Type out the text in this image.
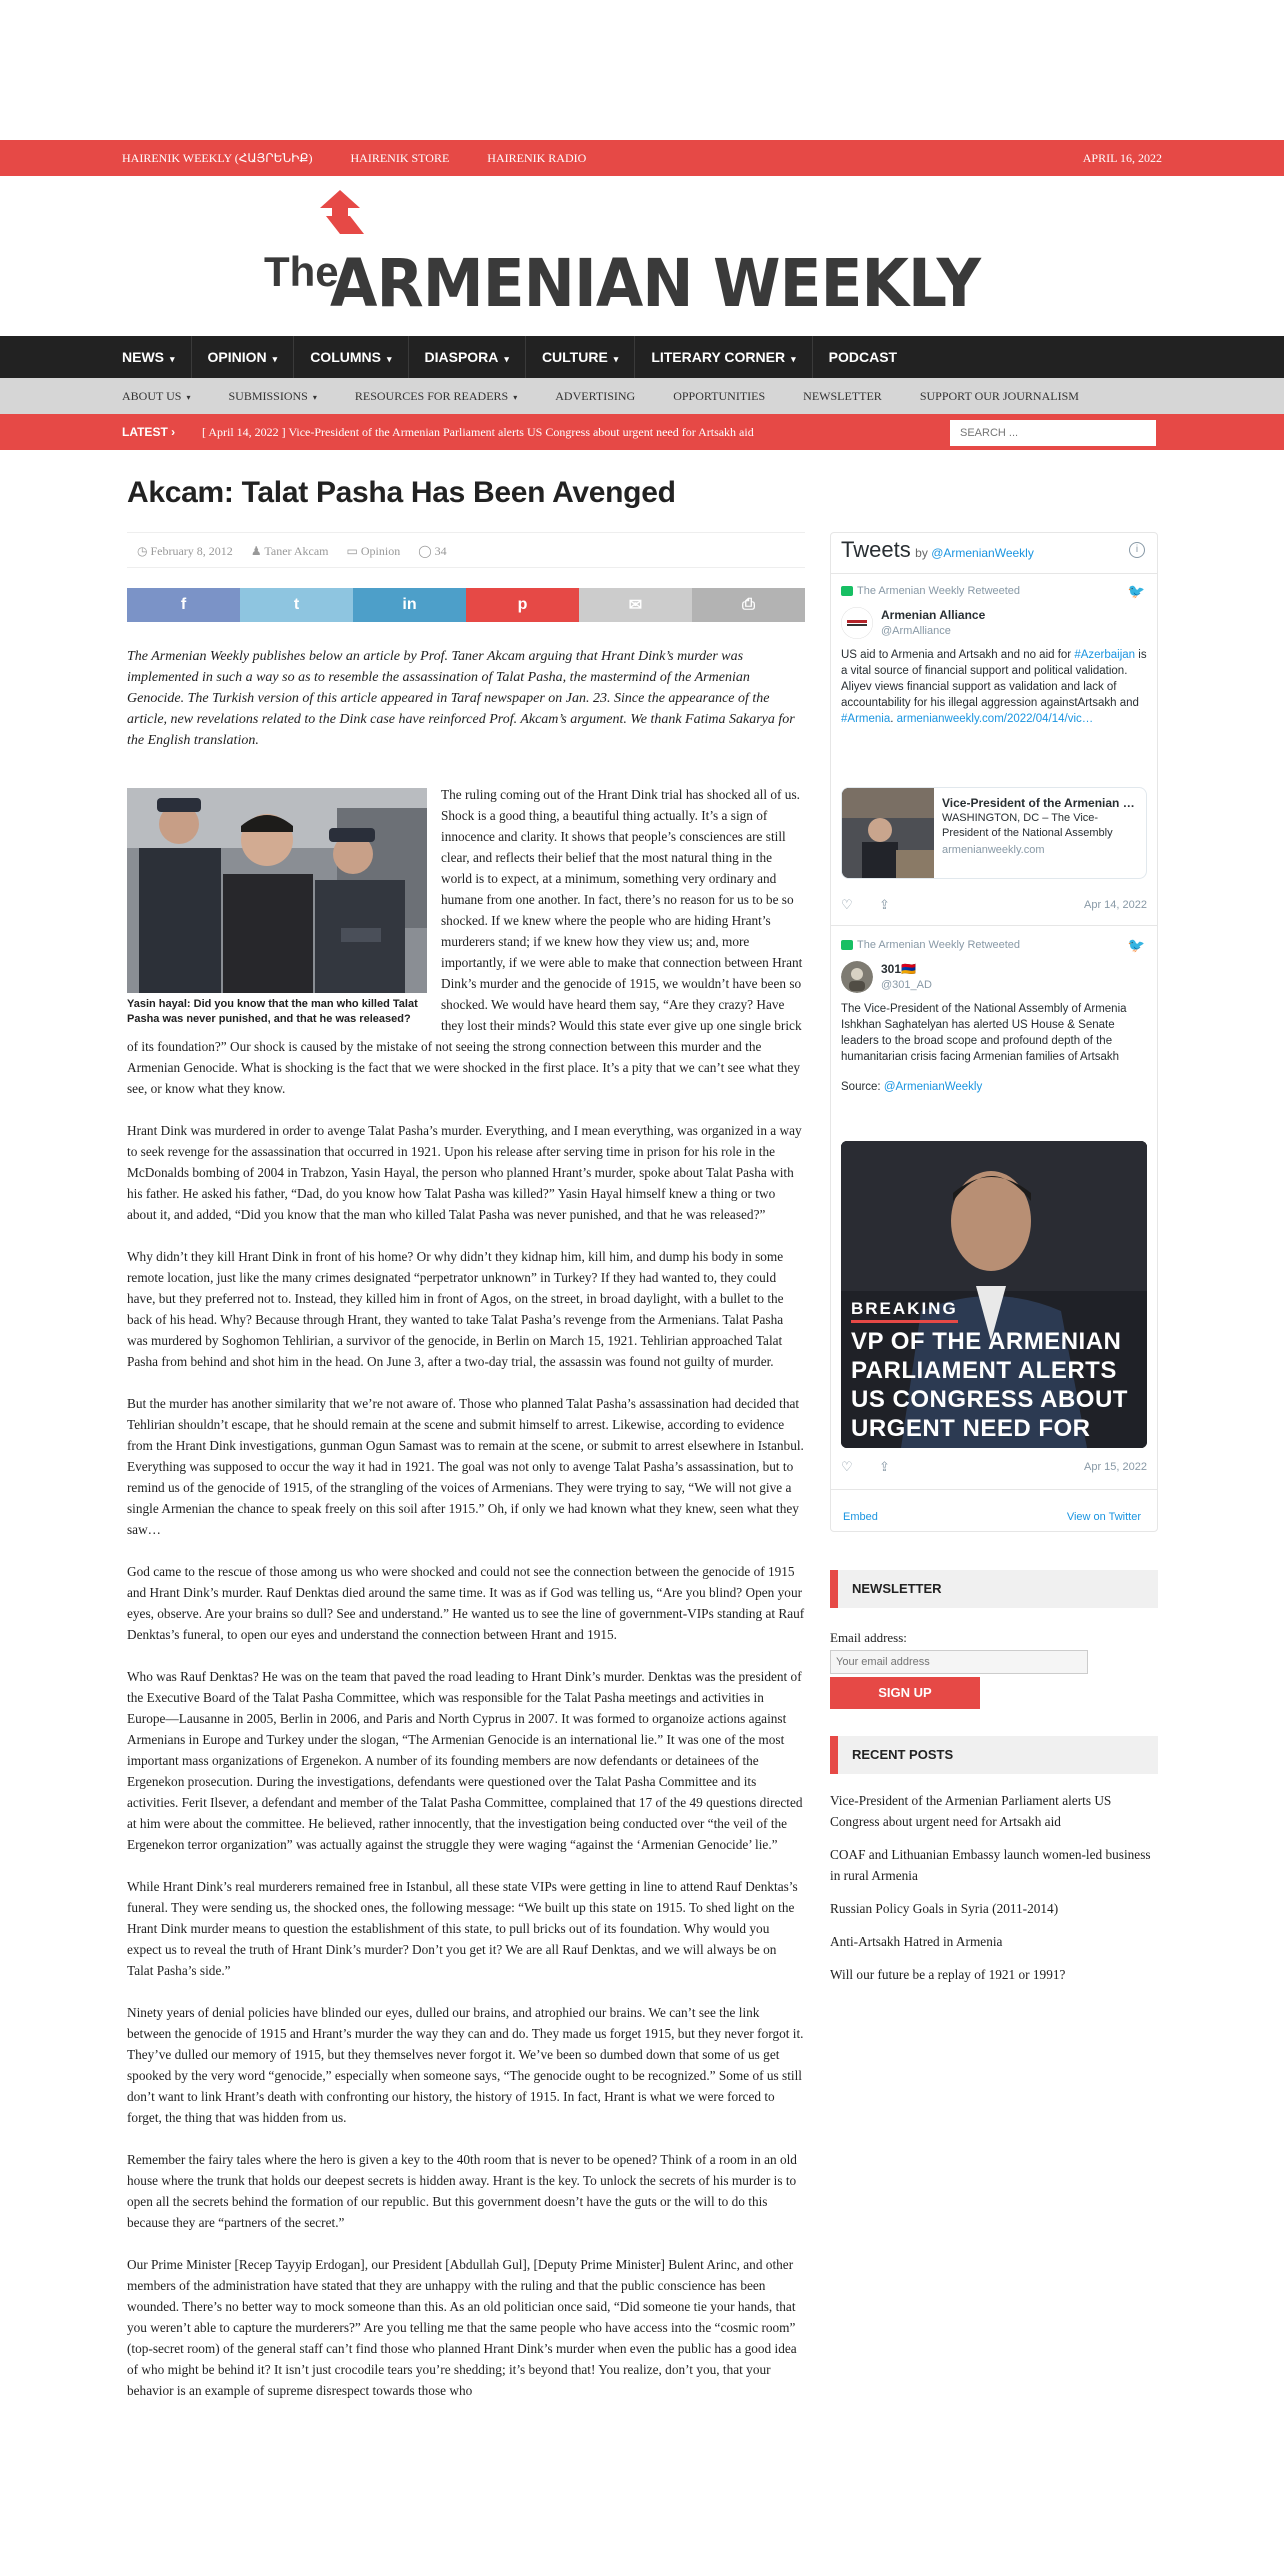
HAIRENIK WEEKLY (ՀԱՅՐԵՆԻՔ)	HAIRENIK STORE	HAIRENIK RADIO	APRIL 16, 2022
The
ARMENIAN WEEKLY
NEWS ▾	OPINION ▾	COLUMNS ▾	DIASPORA ▾	CULTURE ▾	LITERARY CORNER ▾	PODCAST
ABOUT US ▾	SUBMISSIONS ▾	RESOURCES FOR READERS ▾	ADVERTISING	OPPORTUNITIES	NEWSLETTER	SUPPORT OUR JOURNALISM
LATEST › [ April 14, 2022 ] Vice-President of the Armenian Parliament alerts US Congress about urgent need for Artsakh aid
SEARCH ...
Akcam: Talat Pasha Has Been Avenged
◷ February 8, 2012 ♟ Taner Akcam ▭ Opinion ◯ 34
f	t	in	p	✉	⎙

The Armenian Weekly publishes below an article by Prof. Taner Akcam arguing that Hrant Dink’s murder was implemented in such a way so as to resemble the assassination of Talat Pasha, the mastermind of the Armenian Genocide. The Turkish version of this article appeared in Taraf newspaper on Jan. 23. Since the appearance of the article, new revelations related to the Dink case have reinforced Prof. Akcam’s argument. We thank Fatima Sakarya for the English translation.

Yasin hayal: Did you know that the man who killed Talat Pasha was never punished, and that he was released?

The ruling coming out of the Hrant Dink trial has shocked all of us. Shock is a good thing, a beautiful thing actually. It’s a sign of innocence and clarity. It shows that people’s consciences are still clear, and reflects their belief that the most natural thing in the world is to expect, at a minimum, something very ordinary and humane from one another. In fact, there’s no reason for us to be so shocked. If we knew where the people who are hiding Hrant’s murderers stand; if we knew how they view us; and, more importantly, if we were able to make that connection between Hrant Dink’s murder and the genocide of 1915, we wouldn’t have been so shocked. We would have heard them say, “Are they crazy? Have they lost their minds? Would this state ever give up one single brick of its foundation?” Our shock is caused by the mistake of not seeing the strong connection between this murder and the Armenian Genocide. What is shocking is the fact that we were shocked in the first place. It’s a pity that we can’t see what they see, or know what they know.

Hrant Dink was murdered in order to avenge Talat Pasha’s murder. Everything, and I mean everything, was organized in a way to seek revenge for the assassination that occurred in 1921. Upon his release after serving time in prison for his role in the McDonalds bombing of 2004 in Trabzon, Yasin Hayal, the person who planned Hrant’s murder, spoke about Talat Pasha with his father. He asked his father, “Dad, do you know how Talat Pasha was killed?” Yasin Hayal himself knew a thing or two about it, and added, “Did you know that the man who killed Talat Pasha was never punished, and that he was released?”

Why didn’t they kill Hrant Dink in front of his home? Or why didn’t they kidnap him, kill him, and dump his body in some remote location, just like the many crimes designated “perpetrator unknown” in Turkey? If they had wanted to, they could have, but they preferred not to. Instead, they killed him in front of Agos, on the street, in broad daylight, with a bullet to the back of his head. Why? Because through Hrant, they wanted to take Talat Pasha’s revenge from the Armenians. Talat Pasha was murdered by Soghomon Tehlirian, a survivor of the genocide, in Berlin on March 15, 1921. Tehlirian approached Talat Pasha from behind and shot him in the head. On June 3, after a two-day trial, the assassin was found not guilty of murder.

But the murder has another similarity that we’re not aware of. Those who planned Talat Pasha’s assassination had decided that Tehlirian shouldn’t escape, that he should remain at the scene and submit himself to arrest. Likewise, according to evidence from the Hrant Dink investigations, gunman Ogun Samast was to remain at the scene, or submit to arrest elsewhere in Istanbul. Everything was supposed to occur the way it had in 1921. The goal was not only to avenge Talat Pasha’s assassination, but to remind us of the genocide of 1915, of the strangling of the voices of Armenians. They were trying to say, “We will not give a single Armenian the chance to speak freely on this soil after 1915.” Oh, if only we had known what they knew, seen what they saw…

God came to the rescue of those among us who were shocked and could not see the connection between the genocide of 1915 and Hrant Dink’s murder. Rauf Denktas died around the same time. It was as if God was telling us, “Are you blind? Open your eyes, observe. Are your brains so dull? See and understand.” He wanted us to see the line of government-VIPs standing at Rauf Denktas’s funeral, to open our eyes and understand the connection between Hrant and 1915.

Who was Rauf Denktas? He was on the team that paved the road leading to Hrant Dink’s murder. Denktas was the president of the Executive Board of the Talat Pasha Committee, which was responsible for the Talat Pasha meetings and activities in Europe—Lausanne in 2005, Berlin in 2006, and Paris and North Cyprus in 2007. It was formed to organoize actions against Armenians in Europe and Turkey under the slogan, “The Armenian Genocide is an international lie.” It was one of the most important mass organizations of Ergenekon. A number of its founding members are now defendants or detainees of the Ergenekon prosecution. During the investigations, defendants were questioned over the Talat Pasha Committee and its activities. Ferit Ilsever, a defendant and member of the Talat Pasha Committee, complained that 17 of the 49 questions directed at him were about the committee. He believed, rather innocently, that the investigation being conducted over “the veil of the Ergenekon terror organization” was actually against the struggle they were waging “against the ‘Armenian Genocide’ lie.”

While Hrant Dink’s real murderers remained free in Istanbul, all these state VIPs were getting in line to attend Rauf Denktas’s funeral. They were sending us, the shocked ones, the following message: “We built up this state on 1915. To shed light on the Hrant Dink murder means to question the establishment of this state, to pull bricks out of its foundation. Why would you expect us to reveal the truth of Hrant Dink’s murder? Don’t you get it? We are all Rauf Denktas, and we will always be on Talat Pasha’s side.”

Ninety years of denial policies have blinded our eyes, dulled our brains, and atrophied our brains. We can’t see the link between the genocide of 1915 and Hrant’s murder the way they can and do. They made us forget 1915, but they never forgot it. They’ve dulled our memory of 1915, but they themselves never forgot it. We’ve been so dumbed down that some of us get spooked by the very word “genocide,” especially when someone says, “The genocide ought to be recognized.” Some of us still don’t want to link Hrant’s death with confronting our history, the history of 1915. In fact, Hrant is what we were forced to forget, the thing that was hidden from us.

Remember the fairy tales where the hero is given a key to the 40th room that is never to be opened? Think of a room in an old house where the trunk that holds our deepest secrets is hidden away. Hrant is the key. To unlock the secrets of his murder is to open all the secrets behind the formation of our republic. But this government doesn’t have the guts or the will to do this because they are “partners of the secret.”

Our Prime Minister [Recep Tayyip Erdogan], our President [Abdullah Gul], [Deputy Prime Minister] Bulent Arinc, and other members of the administration have stated that they are unhappy with the ruling and that the public conscience has been wounded. There’s no better way to mock someone than this. As an old politician once said, “Did someone tie your hands, that you weren’t able to capture the murderers?” Are you telling me that the same people who have access into the “cosmic room” (top-secret room) of the general staff can’t find those who planned Hrant Dink’s murder when even the public has a good idea of who might be behind it? It isn’t just crocodile tears you’re shedding; it’s beyond that! You realize, don’t you, that your behavior is an example of supreme disrespect towards those who

Tweets by @ArmenianWeekly	i
The Armenian Weekly Retweeted	🐦
Armenian Alliance
@ArmAlliance
US aid to Armenia and Artsakh and no aid for #Azerbaijan is a vital source of financial support and political validation. Aliyev views financial support as validation and lack of accountability for his illegal aggression againstArtsakh and #Armenia. armenianweekly.com/2022/04/14/vic…
Vice-President of the Armenian …
WASHINGTON, DC – The Vice-President of the National Assembly
armenianweekly.com
♡ ⇪	Apr 14, 2022
The Armenian Weekly Retweeted	🐦
301🇦🇲
@301_AD
The Vice-President of the National Assembly of Armenia Ishkhan Saghatelyan has alerted US House & Senate leaders to the broad scope and profound depth of the humanitarian crisis facing Armenian families of Artsakh
Source: @ArmenianWeekly
BREAKING
VP OF THE ARMENIAN PARLIAMENT ALERTS US CONGRESS ABOUT URGENT NEED FOR
♡ ⇪	Apr 15, 2022
Embed	View on Twitter
NEWSLETTER
Email address:
Your email address
SIGN UP
RECENT POSTS
Vice-President of the Armenian Parliament alerts US Congress about urgent need for Artsakh aid
COAF and Lithuanian Embassy launch women-led business in rural Armenia
Russian Policy Goals in Syria (2011-2014)
Anti-Artsakh Hatred in Armenia
Will our future be a replay of 1921 or 1991?
